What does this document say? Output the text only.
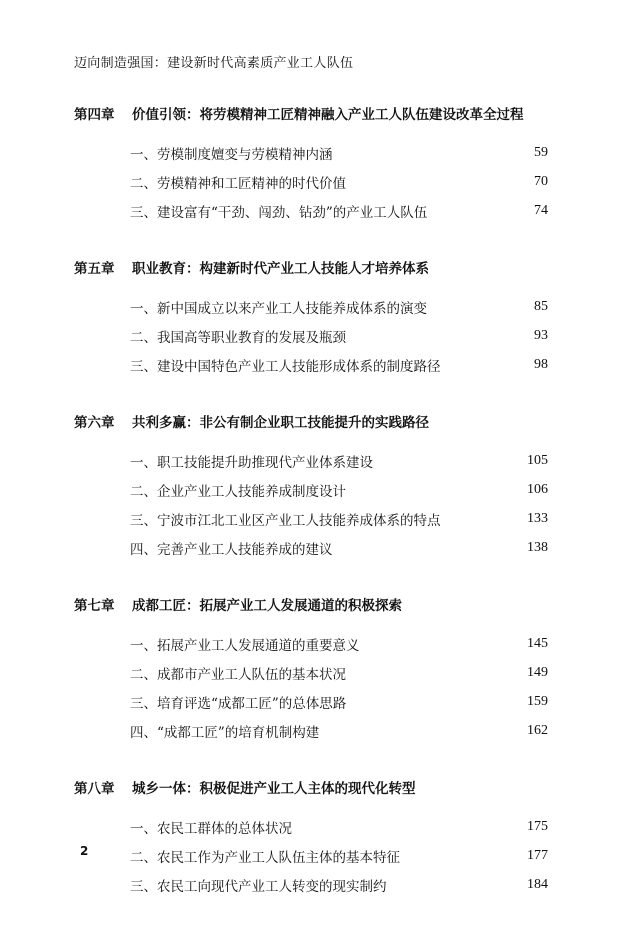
迈向制造强国：建设新时代高素质产业工人队伍
第四章	价值引领：将劳模精神工匠精神融入产业工人队伍建设改革全过程
一、劳模制度嬗变与劳模精神内涵	59
二、劳模精神和工匠精神的时代价值	70
三、建设富有“干劲、闯劲、钻劲”的产业工人队伍	74
第五章	职业教育：构建新时代产业工人技能人才培养体系
一、新中国成立以来产业工人技能养成体系的演变	85
二、我国高等职业教育的发展及瓶颈	93
三、建设中国特色产业工人技能形成体系的制度路径	98
第六章	共利多赢：非公有制企业职工技能提升的实践路径
一、职工技能提升助推现代产业体系建设	105
二、企业产业工人技能养成制度设计	106
三、宁波市江北工业区产业工人技能养成体系的特点	133
四、完善产业工人技能养成的建议	138
第七章	成都工匠：拓展产业工人发展通道的积极探索
一、拓展产业工人发展通道的重要意义	145
二、成都市产业工人队伍的基本状况	149
三、培育评选“成都工匠”的总体思路	159
四、“成都工匠”的培育机制构建	162
第八章	城乡一体：积极促进产业工人主体的现代化转型
一、农民工群体的总体状况	175
二、农民工作为产业工人队伍主体的基本特征	177
三、农民工向现代产业工人转变的现实制约	184
2
